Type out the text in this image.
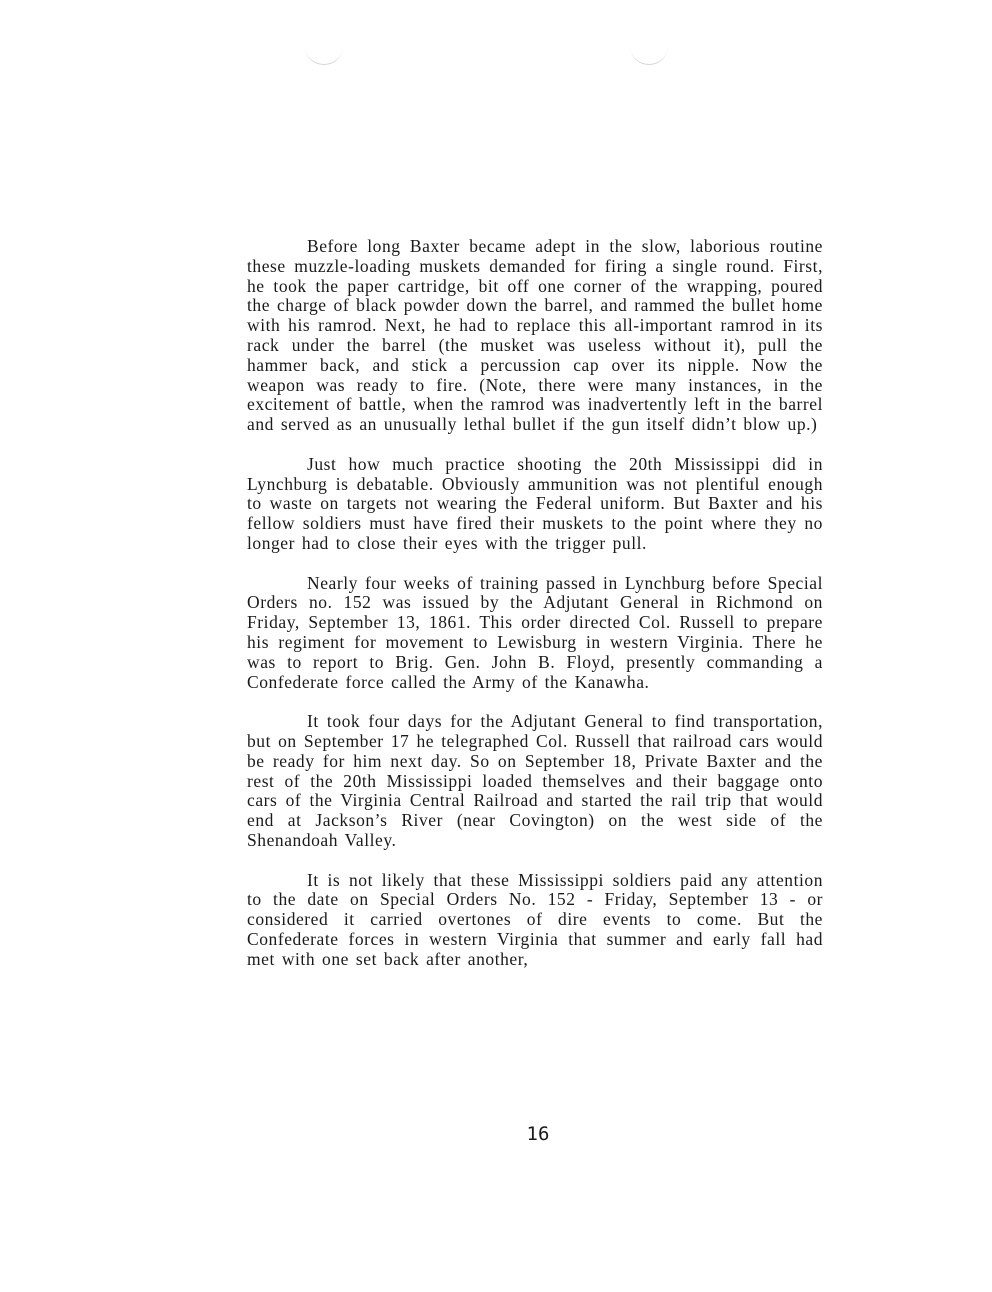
Before long Baxter became adept in the slow, laborious routine these muzzle-loading muskets demanded for firing a single round. First, he took the paper cartridge, bit off one corner of the wrapping, poured the charge of black powder down the barrel, and rammed the bullet home with his ramrod. Next, he had to replace this all-important ramrod in its rack under the barrel (the musket was useless without it), pull the hammer back, and stick a percussion cap over its nipple. Now the weapon was ready to fire. (Note, there were many instances, in the excitement of battle, when the ramrod was inadvertently left in the barrel and served as an unusually lethal bullet if the gun itself didn’t blow up.)

Just how much practice shooting the 20th Mississippi did in Lynchburg is debatable. Obviously ammunition was not plentiful enough to waste on targets not wearing the Federal uniform. But Baxter and his fellow soldiers must have fired their muskets to the point where they no longer had to close their eyes with the trigger pull.

Nearly four weeks of training passed in Lynchburg before Special Orders no. 152 was issued by the Adjutant General in Richmond on Friday, September 13, 1861. This order directed Col. Russell to prepare his regiment for movement to Lewisburg in western Virginia. There he was to report to Brig. Gen. John B. Floyd, presently commanding a Confederate force called the Army of the Kanawha.

It took four days for the Adjutant General to find transportation, but on September 17 he telegraphed Col. Russell that railroad cars would be ready for him next day. So on September 18, Private Baxter and the rest of the 20th Mississippi loaded themselves and their baggage onto cars of the Virginia Central Railroad and started the rail trip that would end at Jackson’s River (near Covington) on the west side of the Shenandoah Valley.

It is not likely that these Mississippi soldiers paid any attention to the date on Special Orders No. 152 - Friday, September 13 - or considered it carried overtones of dire events to come. But the Confederate forces in western Virginia that summer and early fall had met with one set back after another,

16
